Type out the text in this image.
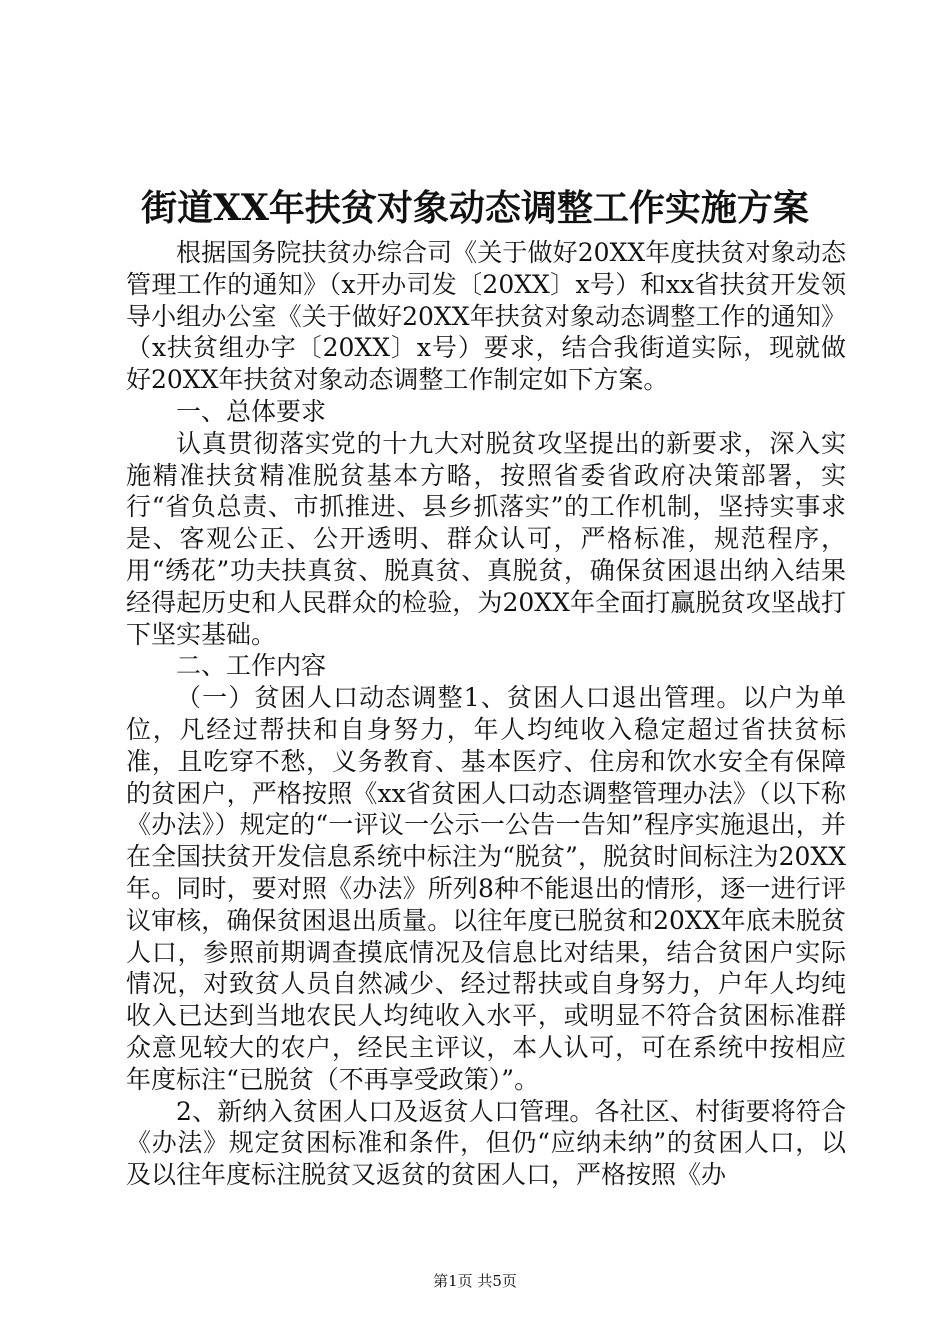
街道XX年扶贫对象动态调整工作实施方案

根据国务院扶贫办综合司《关于做好20XX年度扶贫对象动态管理工作的通知》（x开办司发〔20XX〕x号）和xx省扶贫开发领导小组办公室《关于做好20XX年扶贫对象动态调整工作的通知》（x扶贫组办字〔20XX〕x号）要求，结合我街道实际，现就做好20XX年扶贫对象动态调整工作制定如下方案。

一、总体要求

认真贯彻落实党的十九大对脱贫攻坚提出的新要求，深入实施精准扶贫精准脱贫基本方略，按照省委省政府决策部署，实行“省负总责、市抓推进、县乡抓落实”的工作机制，坚持实事求是、客观公正、公开透明、群众认可，严格标准，规范程序，用“绣花”功夫扶真贫、脱真贫、真脱贫，确保贫困退出纳入结果经得起历史和人民群众的检验，为20XX年全面打赢脱贫攻坚战打下坚实基础。

二、工作内容

（一）贫困人口动态调整1、贫困人口退出管理。以户为单位，凡经过帮扶和自身努力，年人均纯收入稳定超过省扶贫标准，且吃穿不愁，义务教育、基本医疗、住房和饮水安全有保障的贫困户，严格按照《xx省贫困人口动态调整管理办法》（以下称《办法》）规定的“一评议一公示一公告一告知”程序实施退出，并在全国扶贫开发信息系统中标注为“脱贫”，脱贫时间标注为20XX年。同时，要对照《办法》所列8种不能退出的情形，逐一进行评议审核，确保贫困退出质量。以往年度已脱贫和20XX年底未脱贫人口，参照前期调查摸底情况及信息比对结果，结合贫困户实际情况，对致贫人员自然减少、经过帮扶或自身努力，户年人均纯收入已达到当地农民人均纯收入水平，或明显不符合贫困标准群众意见较大的农户，经民主评议，本人认可，可在系统中按相应年度标注“已脱贫（不再享受政策）”。

2、新纳入贫困人口及返贫人口管理。各社区、村街要将符合《办法》规定贫困标准和条件，但仍“应纳未纳”的贫困人口，以及以往年度标注脱贫又返贫的贫困人口，严格按照《办

第1页 共5页
